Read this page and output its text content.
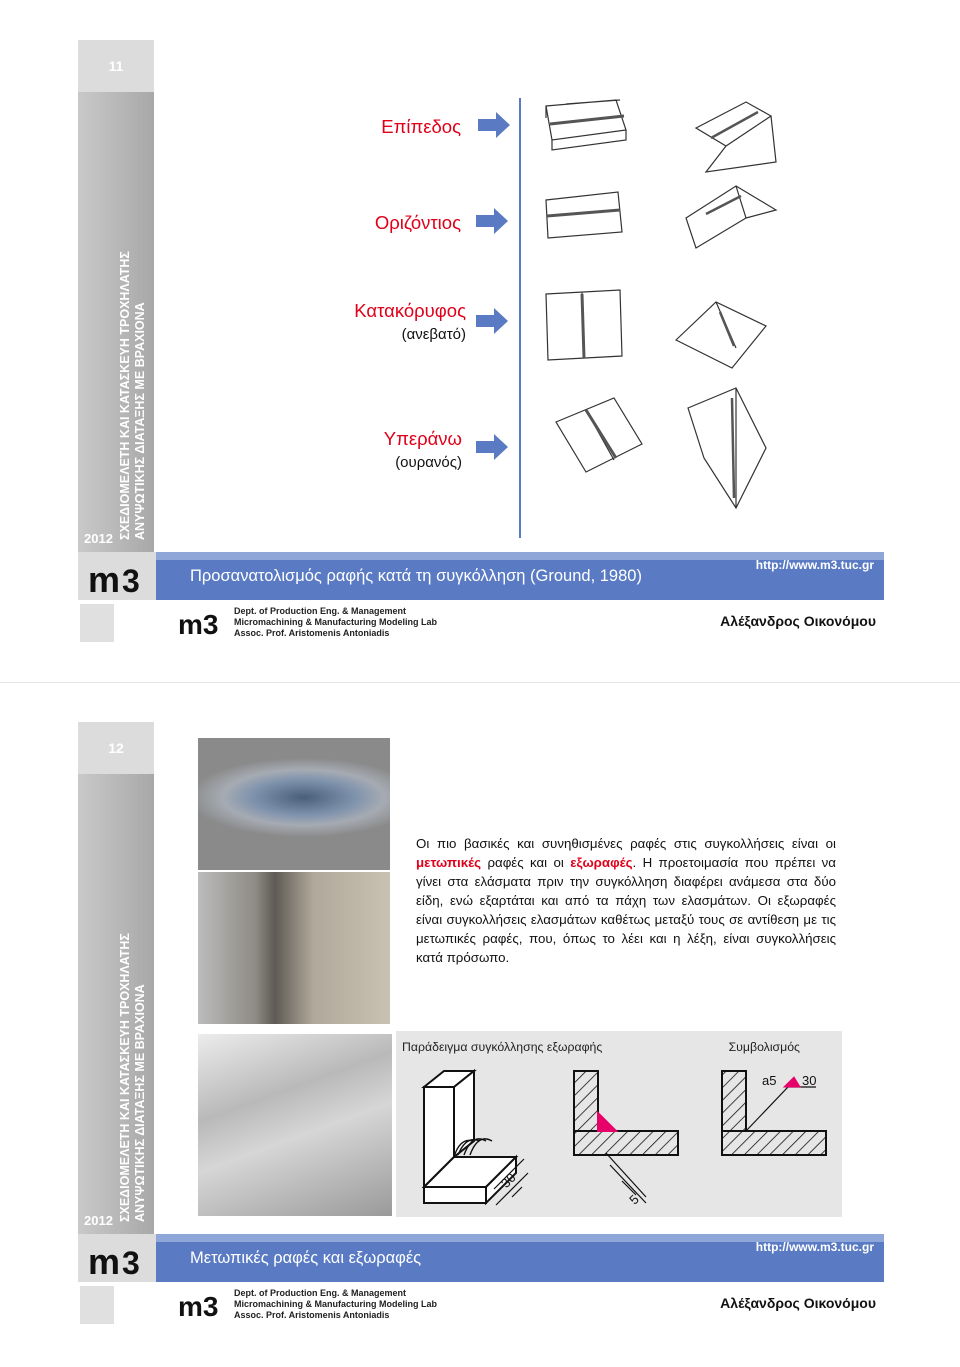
11
ΣΧΕΔΙΟΜΕΛΕΤΗ ΚΑΙ ΚΑΤΑΣΚΕΥΗ ΤΡΟΧΗΛΑΤΗΣ ΑΝΥΨΩΤΙΚΗΣ ΔΙΑΤΑΞΗΣ ΜΕ ΒΡΑΧΙΟΝΑ
2012
Επίπεδος
Οριζόντιος
Κατακόρυφος
(ανεβατό)
Υπεράνω
(ουρανός)
m 3	Προσανατολισμός ραφής κατά τη συγκόλληση (Ground, 1980)
http://www.m3.tuc.gr
m3 Dept. of Production Eng. & Management
Micromachining & Manufacturing Modeling Lab
Assoc. Prof. Aristomenis Antoniadis
Αλέξανδρος Οικονόμου
12
ΣΧΕΔΙΟΜΕΛΕΤΗ ΚΑΙ ΚΑΤΑΣΚΕΥΗ ΤΡΟΧΗΛΑΤΗΣ ΑΝΥΨΩΤΙΚΗΣ ΔΙΑΤΑΞΗΣ ΜΕ ΒΡΑΧΙΟΝΑ
2012

Οι πιο βασικές και συνηθισμένες ραφές στις συγκολλήσεις είναι οι μετωπικές ραφές και οι εξωραφές. Η προετοιμασία που πρέπει να γίνει στα ελάσματα πριν την συγκόλληση διαφέρει ανάμεσα στα δύο είδη, ενώ εξαρτάται και από τα πάχη των ελασμάτων. Οι εξωραφές είναι συγκολλήσεις ελασμάτων καθέτως μεταξύ τους σε αντίθεση με τις μετωπικές ραφές, που, όπως το λέει και η λέξη, είναι συγκολλήσεις κατά πρόσωπο.

Παράδειγμα συγκόλλησης εξωραφής	Συμβολισμός
30
5
a5 30
m 3	Μετωπικές ραφές και εξωραφές
http://www.m3.tuc.gr
m3 Dept. of Production Eng. & Management
Micromachining & Manufacturing Modeling Lab
Assoc. Prof. Aristomenis Antoniadis
Αλέξανδρος Οικονόμου
